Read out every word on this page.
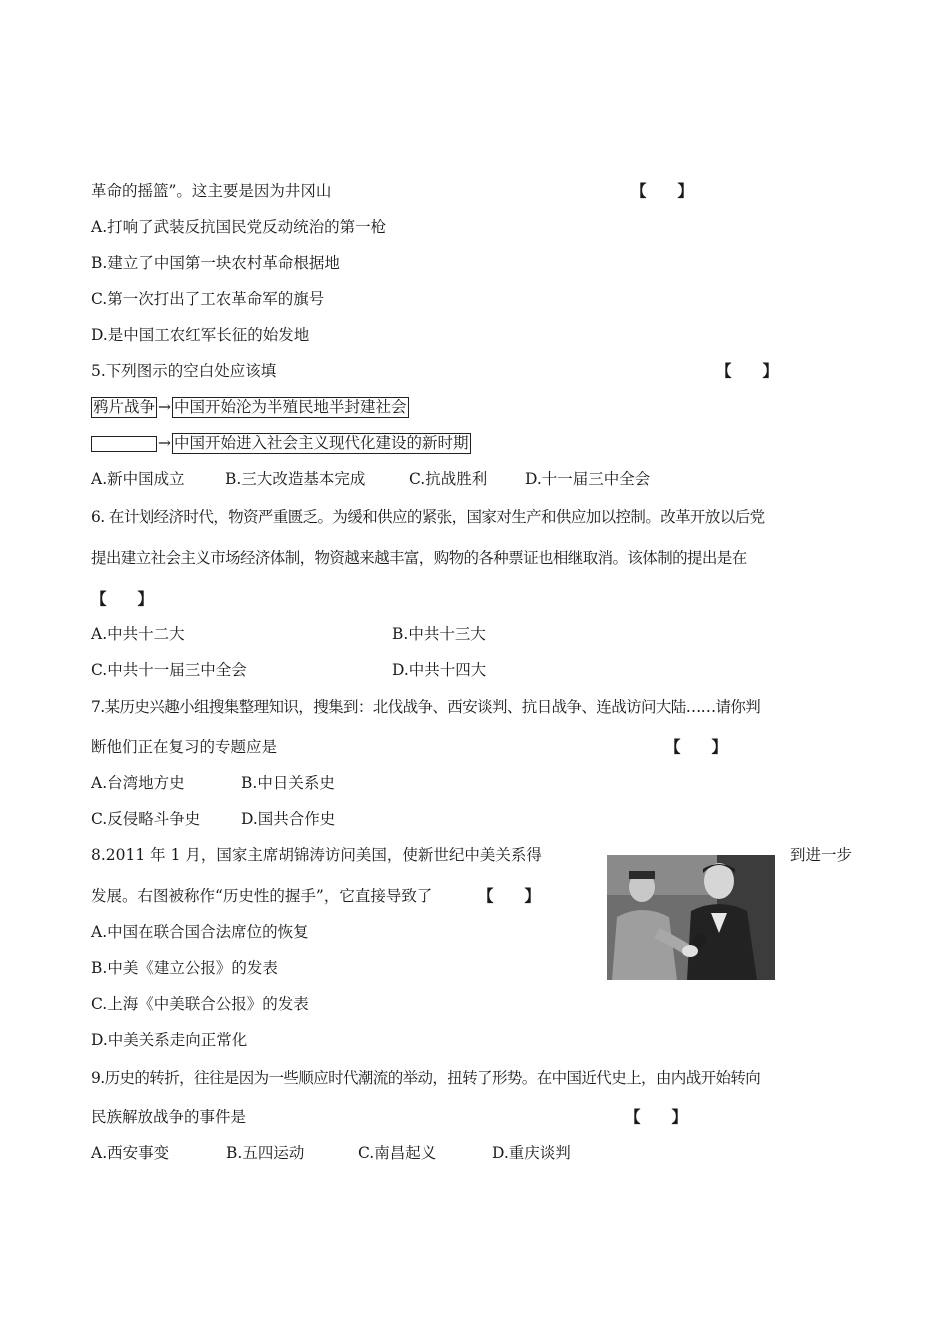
革命的摇篮”。这主要是因为井冈山	【　　】
A.打响了武装反抗国民党反动统治的第一枪
B.建立了中国第一块农村革命根据地
C.第一次打出了工农革命军的旗号
D.是中国工农红军长征的始发地
5.下列图示的空白处应该填	【　　】
鸦片战争 → 中国开始沦为半殖民地半封建社会
→ 中国开始进入社会主义现代化建设的新时期
A.新中国成立	B.三大改造基本完成	C.抗战胜利 D.十一届三中全会
6. 在计划经济时代，物资严重匮乏。为缓和供应的紧张，国家对生产和供应加以控制。改革开放以后党
提出建立社会主义市场经济体制，物资越来越丰富，购物的各种票证也相继取消。该体制的提出是在
【　　】
A.中共十二大	B.中共十三大
C.中共十一届三中全会	D.中共十四大
7.某历史兴趣小组搜集整理知识，搜集到：北伐战争、西安谈判、抗日战争、连战访问大陆……请你判
断他们正在复习的专题应是	【　　】
A.台湾地方史	B.中日关系史
C.反侵略斗争史	D.国共合作史
8.2011 年 1 月，国家主席胡锦涛访问美国，使新世纪中美关系得	到进一步
发展。右图被称作“历史性的握手”，它直接导致了	【　　】
A.中国在联合国合法席位的恢复
B.中美《建立公报》的发表
C.上海《中美联合公报》的发表
D.中美关系走向正常化
9.历史的转折，往往是因为一些顺应时代潮流的举动，扭转了形势。在中国近代史上，由内战开始转向
民族解放战争的事件是	【　　】
A.西安事变	B.五四运动	C.南昌起义	D.重庆谈判
